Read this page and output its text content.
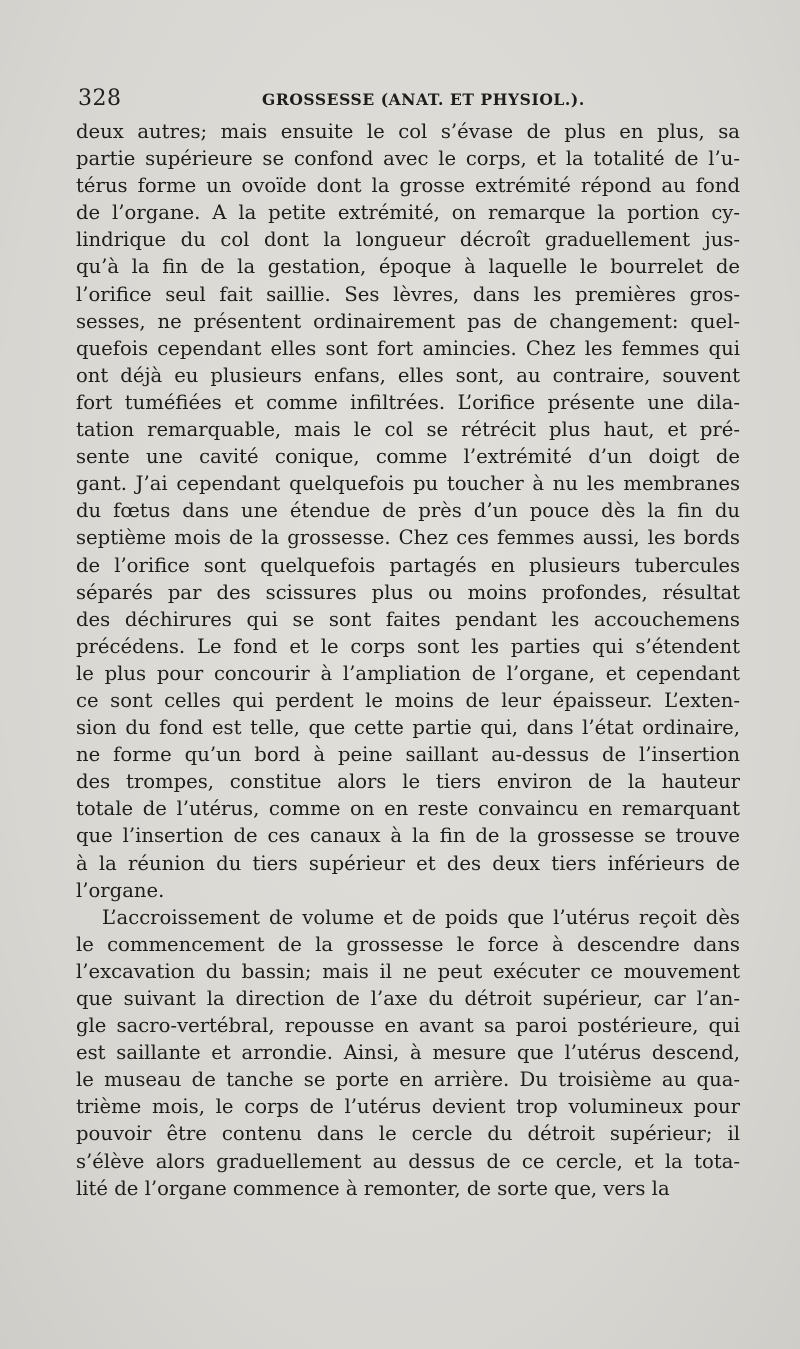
328	GROSSESSE (ANAT. ET PHYSIOL.).
deux autres; mais ensuite le col s’évase de plus en plus, sa
partie supérieure se confond avec le corps, et la totalité de l’u-
térus forme un ovoïde dont la grosse extrémité répond au fond
de l’organe. A la petite extrémité, on remarque la portion cy-
lindrique du col dont la longueur décroît graduellement jus-
qu’à la fin de la gestation, époque à laquelle le bourrelet de
l’orifice seul fait saillie. Ses lèvres, dans les premières gros-
sesses, ne présentent ordinairement pas de changement: quel-
quefois cependant elles sont fort amincies. Chez les femmes qui
ont déjà eu plusieurs enfans, elles sont, au contraire, souvent
fort tuméfiées et comme infiltrées. L’orifice présente une dila-
tation remarquable, mais le col se rétrécit plus haut, et pré-
sente une cavité conique, comme l’extrémité d’un doigt de
gant. J’ai cependant quelquefois pu toucher à nu les membranes
du fœtus dans une étendue de près d’un pouce dès la fin du
septième mois de la grossesse. Chez ces femmes aussi, les bords
de l’orifice sont quelquefois partagés en plusieurs tubercules
séparés par des scissures plus ou moins profondes, résultat
des déchirures qui se sont faites pendant les accouchemens
précédens. Le fond et le corps sont les parties qui s’étendent
le plus pour concourir à l’ampliation de l’organe, et cependant
ce sont celles qui perdent le moins de leur épaisseur. L’exten-
sion du fond est telle, que cette partie qui, dans l’état ordinaire,
ne forme qu’un bord à peine saillant au-dessus de l’insertion
des trompes, constitue alors le tiers environ de la hauteur
totale de l’utérus, comme on en reste convaincu en remarquant
que l’insertion de ces canaux à la fin de la grossesse se trouve
à la réunion du tiers supérieur et des deux tiers inférieurs de
l’organe.
L’accroissement de volume et de poids que l’utérus reçoit dès
le commencement de la grossesse le force à descendre dans
l’excavation du bassin; mais il ne peut exécuter ce mouvement
que suivant la direction de l’axe du détroit supérieur, car l’an-
gle sacro-vertébral, repousse en avant sa paroi postérieure, qui
est saillante et arrondie. Ainsi, à mesure que l’utérus descend,
le museau de tanche se porte en arrière. Du troisième au qua-
trième mois, le corps de l’utérus devient trop volumineux pour
pouvoir être contenu dans le cercle du détroit supérieur; il
s’élève alors graduellement au dessus de ce cercle, et la tota-
lité de l’organe commence à remonter, de sorte que, vers la
